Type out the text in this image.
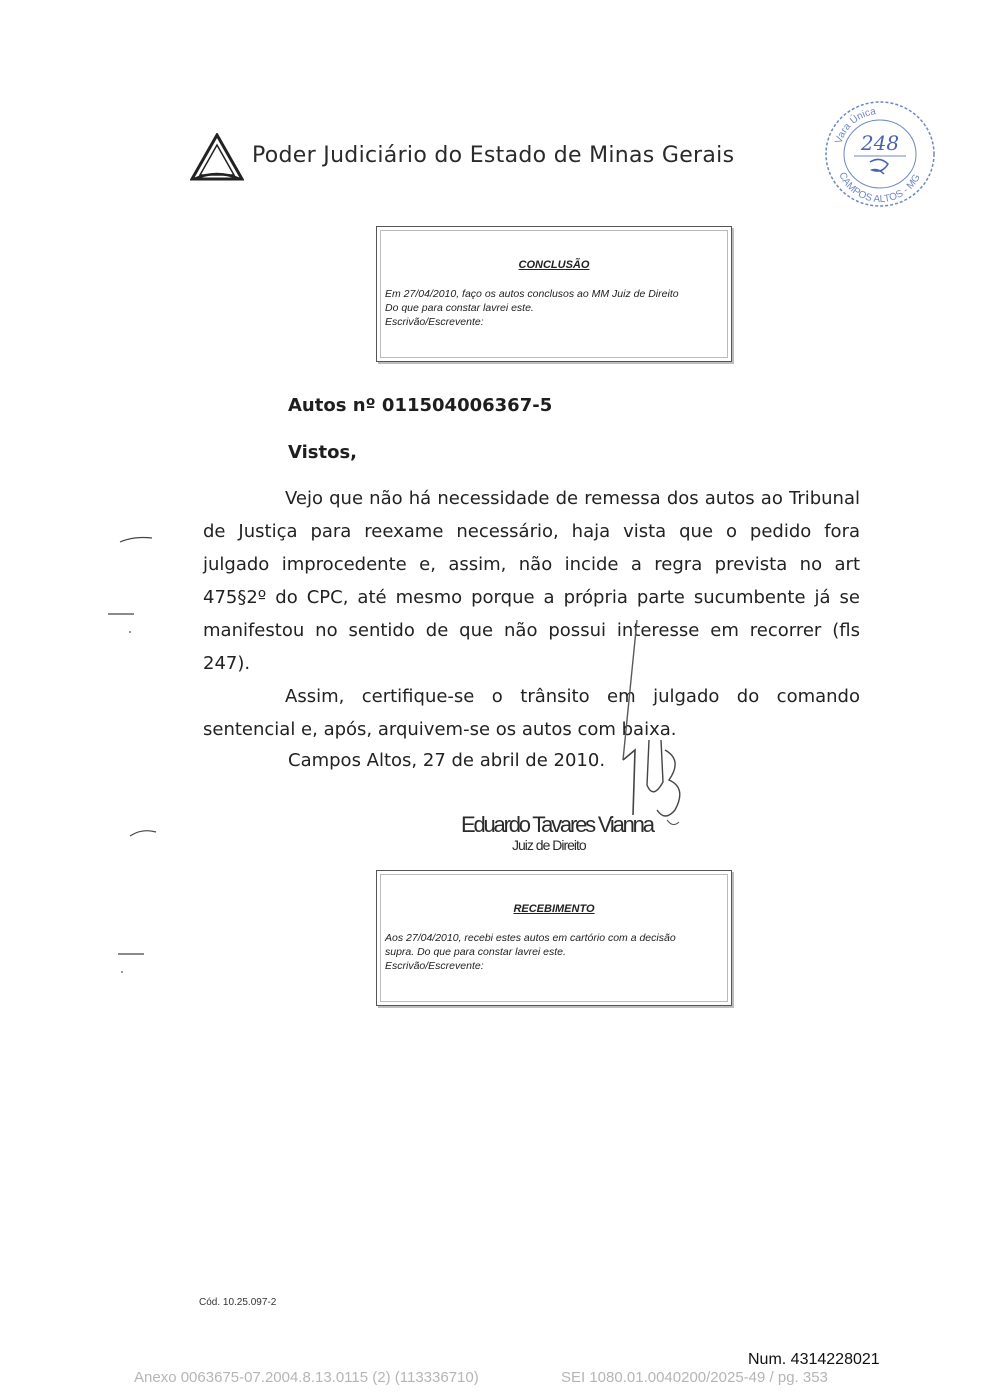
Poder Judiciário do Estado de Minas Gerais
Vara Única
CAMPOS ALTOS - MG
248
CONCLUSÃO
Em 27/04/2010, faço os autos conclusos ao MM Juiz de Direito
Do que para constar lavrei este.
Escrivão/Escrevente:
Autos nº 011504006367-5
Vistos,
Vejo que não há necessidade de remessa dos autos ao Tribunal
de Justiça para reexame necessário, haja vista que o pedido fora
julgado improcedente e, assim, não incide a regra prevista no art
475§2º do CPC, até mesmo porque a própria parte sucumbente já se
manifestou no sentido de que não possui interesse em recorrer (fls
247).
Assim, certifique-se o trânsito em julgado do comando
sentencial e, após, arquivem-se os autos com baixa.
Campos Altos, 27 de abril de 2010.
Eduardo Tavares Vianna
Juiz de Direito
RECEBIMENTO
Aos 27/04/2010, recebi estes autos em cartório com a decisão
supra. Do que para constar lavrei este.
Escrivão/Escrevente:
Cód. 10.25.097-2
Num. 4314228021
Anexo 0063675-07.2004.8.13.0115 (2) (113336710)	SEI 1080.01.0040200/2025-49 / pg. 353
